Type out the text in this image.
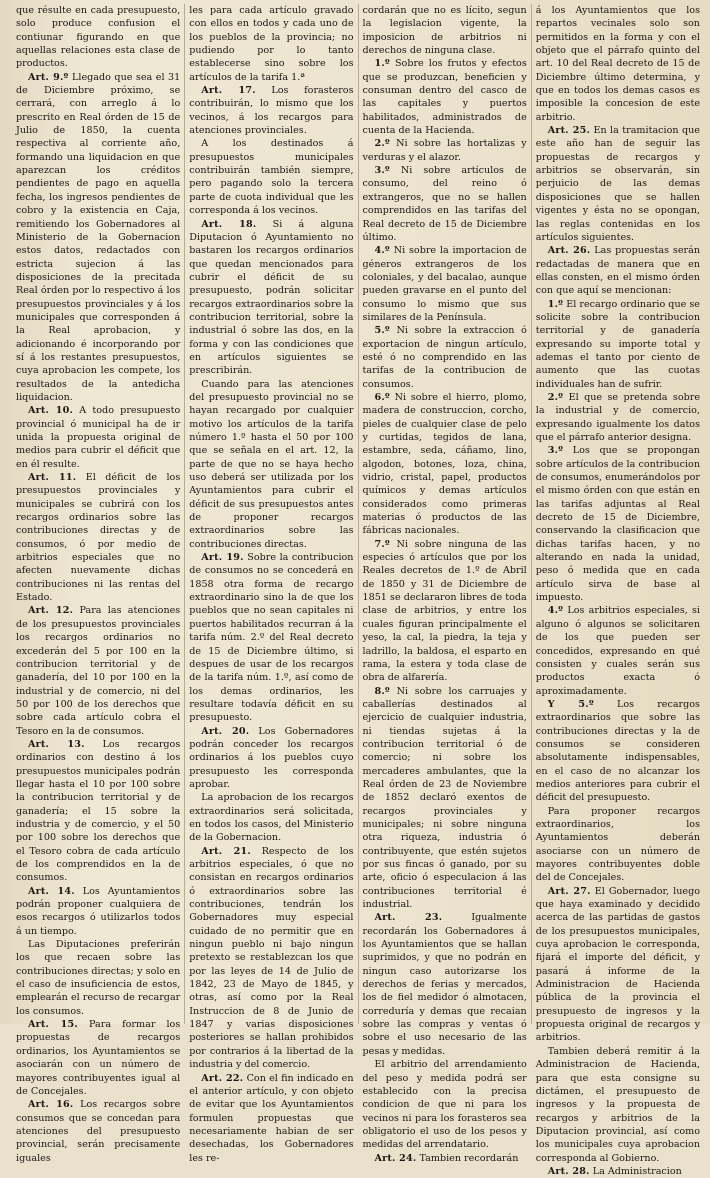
que résulte en cada presupuesto, solo produce confusion el contiunar figurando en que aquellas relaciones esta clase de productos.

Art. 9.º Llegado que sea el 31 de Diciembre próximo, se cerrará, con arreglo á lo prescrito en Real órden de 15 de Julio de 1850, la cuenta respectiva al corriente año, formando una liquidacion en que aparezcan los créditos pendientes de pago en aquella fecha, los ingresos pendientes de cobro y la existencia en Caja, remitiendo los Gobernadores al Ministerio de la Gobernacion estos datos, redactados con estricta sujecion á las disposiciones de la precitada Real órden por lo respectivo á los presupuestos provinciales y á los municipales que corresponden á la Real aprobacion, y adicionando é incorporando por sí á los restantes presupuestos, cuya aprobacion les compete, los resultados de la antedicha liquidacion.

Art. 10. A todo presupuesto provincial ó municipal ha de ir unida la propuesta original de medios para cubrir el déficit que en él resulte.

Art. 11. El déficit de los presupuestos provinciales y municipales se cubrirá con los recargos ordinarios sobre las contribuciones directas y de consumos, ó por medio de arbitrios especiales que no afecten nuevamente dichas contribuciones ni las rentas del Estado.

Art. 12. Para las atenciones de los presupuestos provinciales los recargos ordinarios no excederán del 5 por 100 en la contribucion territorial y de ganadería, del 10 por 100 en la industrial y de comercio, ni del 50 por 100 de los derechos que sobre cada artículo cobra el Tesoro en la de consumos.

Art. 13. Los recargos ordinarios con destino á los presupuestos municipales podrán llegar hasta el 10 por 100 sobre la contribucion territorial y de ganadería; el 15 sobre la industria y de comercio, y el 50 por 100 sobre los derechos que el Tesoro cobra de cada artículo de los comprendidos en la de consumos.

Art. 14. Los Ayuntamientos podrán proponer cualquiera de esos recargos ó utilizarlos todos á un tiempo.

Las Diputaciones preferirán los que recaen sobre las contribuciones directas; y solo en el caso de insuficiencia de estos, emplearán el recurso de recargar los consumos.

Art. 15. Para formar los propuestas de recargos ordinarios, los Ayuntamientos se asociarán con un número de mayores contribuyentes igual al de Concejales.

Art. 16. Los recargos sobre consumos que se concedan para atenciones del presupuesto provincial, serán precisamente iguales

les para cada artículo gravado con ellos en todos y cada uno de los pueblos de la provincia; no pudiendo por lo tanto establecerse sino sobre los artículos de la tarifa 1.ª

Art. 17. Los forasteros contribuirán, lo mismo que los vecinos, á los recargos para atenciones provinciales.

A los destinados á presupuestos municipales contribuirán también siempre, pero pagando solo la tercera parte de cuota individual que les corresponda á los vecinos.

Art. 18. Si á alguna Diputacion ó Ayuntamiento no bastaren los recargos ordinarios que quedan mencionados para cubrir el déficit de su presupuesto, podrán solicitar recargos extraordinarios sobre la contribucion territorial, sobre la industrial ó sobre las dos, en la forma y con las condiciones que en artículos siguientes se prescribirán.

Cuando para las atenciones del presupuesto provincial no se hayan recargado por cualquier motivo los artículos de la tarifa número 1.º hasta el 50 por 100 que se señala en el art. 12, la parte de que no se haya hecho uso deberá ser utilizada por los Ayuntamientos para cubrir el déficit de sus presupuestos antes de proponer recargos extraordinarios sobre las contribuciones directas.

Art. 19. Sobre la contribucion de consumos no se concederá en 1858 otra forma de recargo extraordinario sino la de que los pueblos que no sean capitales ni puertos habilitados recurran á la tarifa núm. 2.º del Real decreto de 15 de Diciembre último, si despues de usar de los recargos de la tarifa núm. 1.º, así como de los demas ordinarios, les resultare todavía déficit en su presupuesto.

Art. 20. Los Gobernadores podrán conceder los recargos ordinarios á los pueblos cuyo presupuesto les corresponda aprobar.

La aprobacion de los recargos extraordinarios será solicitada, en todos los casos, del Ministerio de la Gobernacion.

Art. 21. Respecto de los arbitrios especiales, ó que no consistan en recargos ordinarios ó extraordinarios sobre las contribuciones, tendrán los Gobernadores muy especial cuidado de no permitir que en ningun pueblo ni bajo ningun pretexto se restablezcan los que por las leyes de 14 de Julio de 1842, 23 de Mayo de 1845, y otras, así como por la Real Instruccion de 8 de Junio de 1847 y varias disposiciones posteriores se hallan prohibidos por contrarios á la libertad de la industria y del comercio.

Art. 22. Con el fin indicado en el anterior artículo, y con objeto de evitar que los Ayuntamientos formulen propuestas que necesariamente habian de ser desechadas, los Gobernadores les re-

cordarán que no es lícito, segun la legislacion vigente, la imposicion de arbitrios ni derechos de ninguna clase.

1.º Sobre los frutos y efectos que se produzcan, beneficien y consuman dentro del casco de las capitales y puertos habilitados, administrados de cuenta de la Hacienda.

2.º Ni sobre las hortalizas y verduras y el alazor.

3.º Ni sobre artículos de consumo, del reino ó extrangeros, que no se hallen comprendidos en las tarifas del Real decreto de 15 de Diciembre último.

4.º Ni sobre la importacion de géneros extrangeros de los coloniales, y del bacalao, aunque pueden gravarse en el punto del consumo lo mismo que sus similares de la Península.

5.º Ni sobre la extraccion ó exportacion de ningun artículo, esté ó no comprendido en las tarifas de la contribucion de consumos.

6.º Ni sobre el hierro, plomo, madera de construccion, corcho, pieles de cualquier clase de pelo y curtidas, tegidos de lana, estambre, seda, cáñamo, lino, algodon, botones, loza, china, vidrio, cristal, papel, productos químicos y demas artículos considerados como primeras materias ó productos de las fábricas nacionales.

7.º Ni sobre ninguna de las especies ó artículos que por los Reales decretos de 1.º de Abril de 1850 y 31 de Diciembre de 1851 se declararon libres de toda clase de arbitrios, y entre los cuales figuran principalmente el yeso, la cal, la piedra, la teja y ladrillo, la baldosa, el esparto en rama, la estera y toda clase de obra de alfarería.

8.º Ni sobre los carruajes y caballerías destinados al ejercicio de cualquier industria, ni tiendas sujetas á la contribucion territorial ó de comercio; ni sobre los mercaderes ambulantes, que la Real órden de 23 de Noviembre de 1852 declaró exentos de recargos provinciales y municipales; ni sobre ninguna otra riqueza, industria ó contribuyente, que estén sujetos por sus fincas ó ganado, por su arte, oficio ó especulacion á las contribuciones territorial é industrial.

Art. 23.	Igualmente recordarán los Gobernadores á los Ayuntamientos que se hallan suprimidos, y que no podrán en ningun caso autorizarse los derechos de ferias y mercados, los de fiel medidor ó almotacen, correduría y demas que recaian sobre las compras y ventas ó sobre el uso necesario de las pesas y medidas.

El arbitrio del arrendamiento del peso y medida podrá ser establecido con la precisa condicion de que ni para los vecinos ni para los forasteros sea obligatorio el uso de los pesos y medidas del arrendatario.

Art. 24. Tambien recordarán

á los Ayuntamientos que los repartos vecinales solo son permitidos en la forma y con el objeto que el párrafo quinto del art. 10 del Real decreto de 15 de Diciembre último determina, y que en todos los demas casos es imposible la concesion de este arbitrio.

Art. 25. En la tramitacion que este año han de seguir las propuestas de recargos y arbitrios se observarán, sin perjuicio de las demas disposiciones que se hallen vigentes y ésta no se opongan, las reglas contenidas en los artículos siguientes.

Art. 26. Las propuestas serán redactadas de manera que en ellas consten, en el mismo órden con que aquí se mencionan:

1.º El recargo ordinario que se solicite sobre la contribucion territorial y de ganadería expresando su importe total y ademas el tanto por ciento de aumento que las cuotas individuales han de sufrir.

2.º El que se pretenda sobre la industrial y de comercio, expresando igualmente los datos que el párrafo anterior designa.

3.º Los que se propongan sobre artículos de la contribucion de consumos, enumerándolos por el mismo órden con que están en las tarifas adjuntas al Real decreto de 15 de Diciembre, conservando la clasificacion que dichas tarifas hacen, y no alterando en nada la unidad, peso ó medida que en cada artículo sirva de base al impuesto.

4.º Los arbitrios especiales, si alguno ó algunos se solicitaren de los que pueden ser concedidos, expresando en qué consisten y cuales serán sus productos exacta ó aproximadamente.

Y 5.º Los recargos extraordinarios que sobre las contribuciones directas y la de consumos se consideren absolutamente indispensables, en el caso de no alcanzar los medios anteriores para cubrir el déficit del presupuesto.

Para proponer recargos extraordinarios, los Ayuntamientos deberán asociarse con un número de mayores contribuyentes doble del de Concejales.

Art. 27. El Gobernador, luego que haya examinado y decidido acerca de las partidas de gastos de los presupuestos municipales, cuya aprobacion le corresponda, fijará el importe del déficit, y pasará á informe de la Administracion de Hacienda pública de la provincia el presupuesto de ingresos y la propuesta original de recargos y arbitrios.

Tambien deberá remitir á la Administracion de Hacienda, para que esta consigne su dictámen, el presupuesto de ingresos y la propuesta de recargos y arbitrios de la Diputacion provincial, así como los municipales cuya aprobacion corresponda al Gobierno.

Art. 28. La Administracion
